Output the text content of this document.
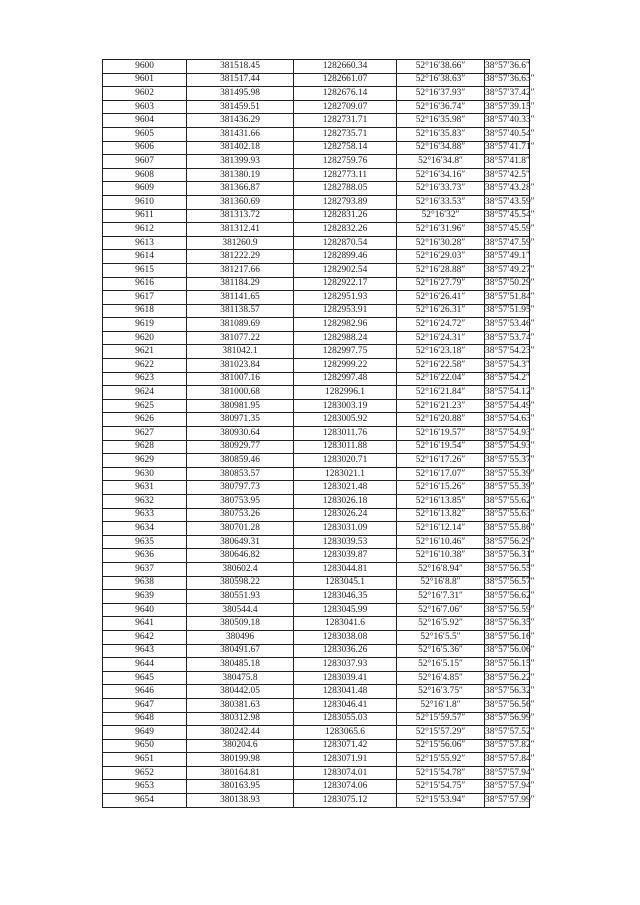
9600	381518.45	1282660.34	52°16′38.66″	38°57′36.6″
9601	381517.44	1282661.07	52°16′38.63″	38°57′36.63″
9602	381495.98	1282676.14	52°16′37.93″	38°57′37.42″
9603	381459.51	1282709.07	52°16′36.74″	38°57′39.15″
9604	381436.29	1282731.71	52°16′35.98″	38°57′40.33″
9605	381431.66	1282735.71	52°16′35.83″	38°57′40.54″
9606	381402.18	1282758.14	52°16′34.88″	38°57′41.71″
9607	381399.93	1282759.76	52°16′34.8″	38°57′41.8″
9608	381380.19	1282773.11	52°16′34.16″	38°57′42.5″
9609	381366.87	1282788.05	52°16′33.73″	38°57′43.28″
9610	381360.69	1282793.89	52°16′33.53″	38°57′43.59″
9611	381313.72	1282831.26	52°16′32″	38°57′45.54″
9612	381312.41	1282832.26	52°16′31.96″	38°57′45.59″
9613	381260.9	1282870.54	52°16′30.28″	38°57′47.59″
9614	381222.29	1282899.46	52°16′29.03″	38°57′49.1″
9615	381217.66	1282902.54	52°16′28.88″	38°57′49.27″
9616	381184.29	1282922.17	52°16′27.79″	38°57′50.29″
9617	381141.65	1282951.93	52°16′26.41″	38°57′51.84″
9618	381138.57	1282953.91	52°16′26.31″	38°57′51.95″
9619	381089.69	1282982.96	52°16′24.72″	38°57′53.46″
9620	381077.22	1282988.24	52°16′24.31″	38°57′53.74″
9621	381042.1	1282997.75	52°16′23.18″	38°57′54.23″
9622	381023.84	1282999.22	52°16′22.58″	38°57′54.3″
9623	381007.16	1282997.48	52°16′22.04″	38°57′54.2″
9624	381000.68	1282996.1	52°16′21.84″	38°57′54.12″
9625	380981.95	1283003.19	52°16′21.23″	38°57′54.49″
9626	380971.35	1283005.92	52°16′20.88″	38°57′54.63″
9627	380930.64	1283011.76	52°16′19.57″	38°57′54.93″
9628	380929.77	1283011.88	52°16′19.54″	38°57′54.93″
9629	380859.46	1283020.71	52°16′17.26″	38°57′55.37″
9630	380853.57	1283021.1	52°16′17.07″	38°57′55.39″
9631	380797.73	1283021.48	52°16′15.26″	38°57′55.39″
9632	380753.95	1283026.18	52°16′13.85″	38°57′55.62″
9633	380753.26	1283026.24	52°16′13.82″	38°57′55.63″
9634	380701.28	1283031.09	52°16′12.14″	38°57′55.86″
9635	380649.31	1283039.53	52°16′10.46″	38°57′56.29″
9636	380646.82	1283039.87	52°16′10.38″	38°57′56.31″
9637	380602.4	1283044.81	52°16′8.94″	38°57′56.55″
9638	380598.22	1283045.1	52°16′8.8″	38°57′56.57″
9639	380551.93	1283046.35	52°16′7.31″	38°57′56.62″
9640	380544.4	1283045.99	52°16′7.06″	38°57′56.59″
9641	380509.18	1283041.6	52°16′5.92″	38°57′56.35″
9642	380496	1283038.08	52°16′5.5″	38°57′56.16″
9643	380491.67	1283036.26	52°16′5.36″	38°57′56.06″
9644	380485.18	1283037.93	52°16′5.15″	38°57′56.15″
9645	380475.8	1283039.41	52°16′4.85″	38°57′56.22″
9646	380442.05	1283041.48	52°16′3.75″	38°57′56.32″
9647	380381.63	1283046.41	52°16′1.8″	38°57′56.56″
9648	380312.98	1283055.03	52°15′59.57″	38°57′56.99″
9649	380242.44	1283065.6	52°15′57.29″	38°57′57.52″
9650	380204.6	1283071.42	52°15′56.06″	38°57′57.82″
9651	380199.98	1283071.91	52°15′55.92″	38°57′57.84″
9652	380164.81	1283074.01	52°15′54.78″	38°57′57.94″
9653	380163.95	1283074.06	52°15′54.75″	38°57′57.94″
9654	380138.93	1283075.12	52°15′53.94″	38°57′57.99″
